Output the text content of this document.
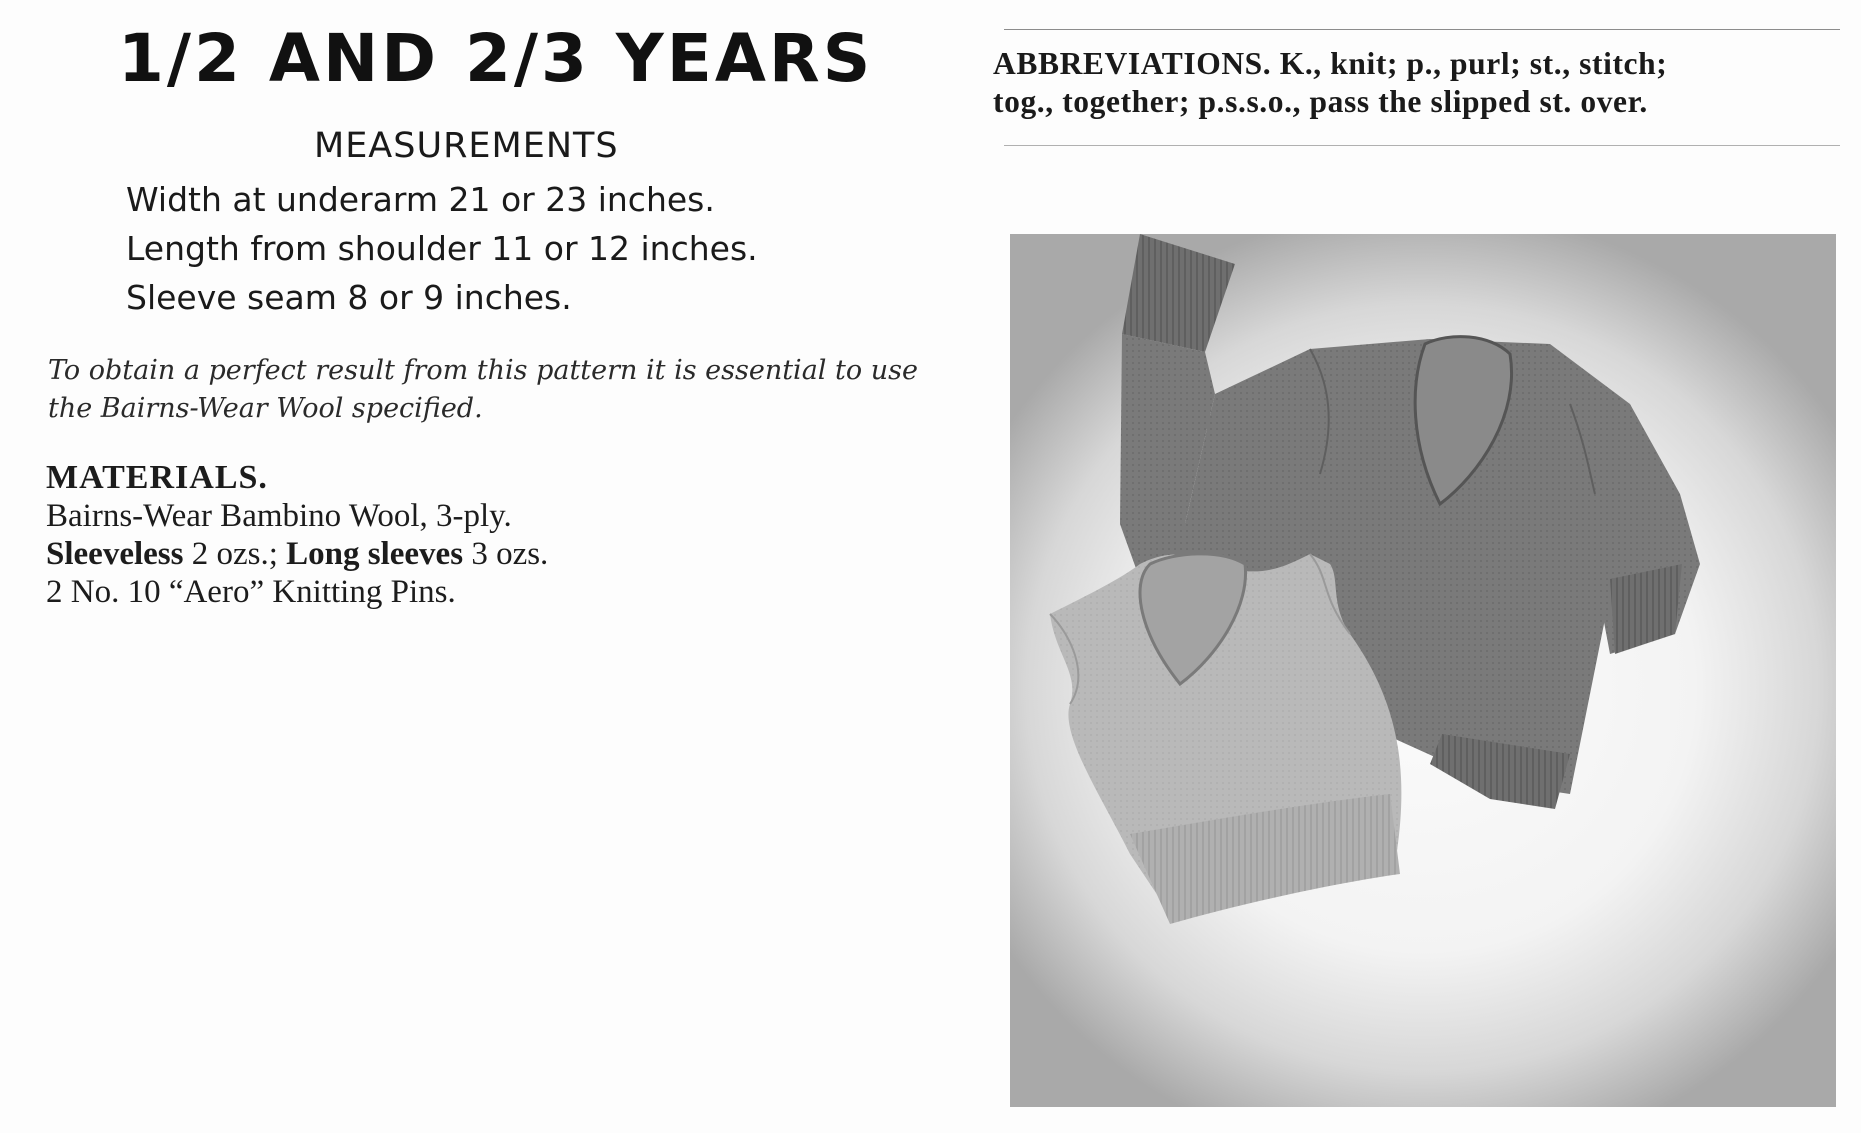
1/2 AND 2/3 YEARS
MEASUREMENTS
Width at underarm 21 or 23 inches.
Length from shoulder 11 or 12 inches.
Sleeve seam 8 or 9 inches.
To obtain a perfect result from this pattern it is essential to use
the Bairns-Wear Wool specified.
MATERIALS.
Bairns-Wear Bambino Wool, 3-ply.
Sleeveless 2 ozs.; Long sleeves 3 ozs.
2 No. 10 “Aero” Knitting Pins.
ABBREVIATIONS. K., knit; p., purl; st., stitch;
tog., together; p.s.s.o., pass the slipped st. over.
